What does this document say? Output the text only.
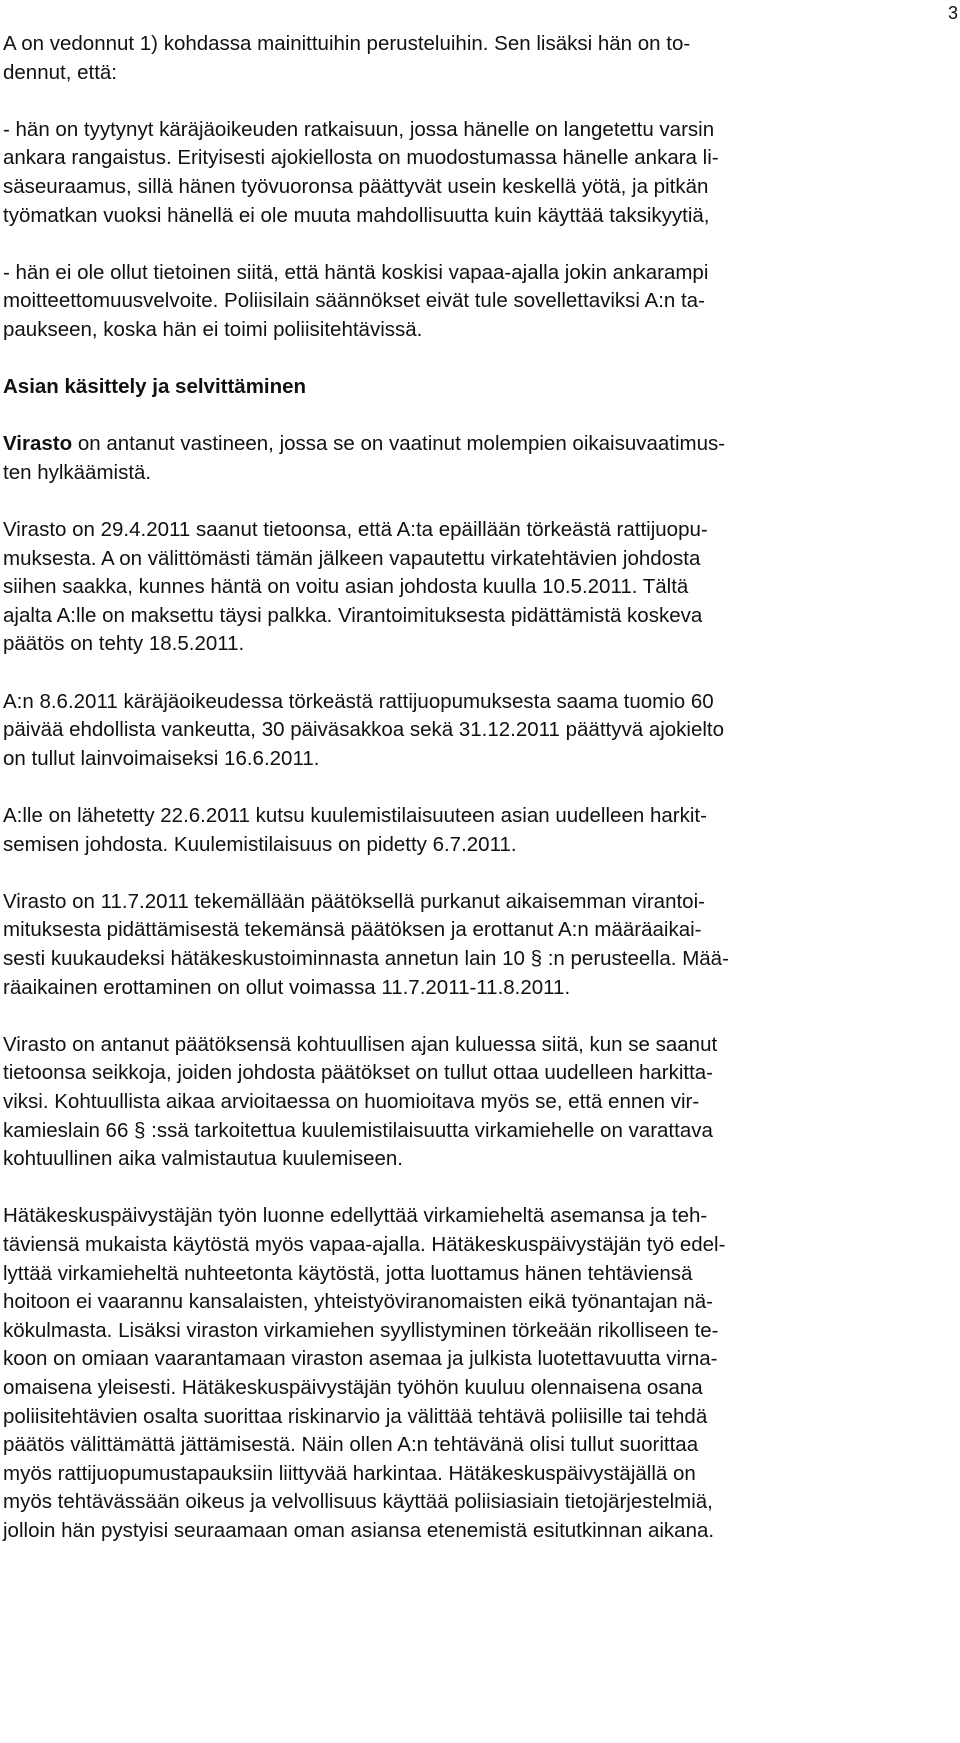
3
A on vedonnut 1) kohdassa mainittuihin perusteluihin. Sen lisäksi hän on to-
dennut, että:
- hän on tyytynyt käräjäoikeuden ratkaisuun, jossa hänelle on langetettu varsin
ankara rangaistus. Erityisesti ajokiellosta on muodostumassa hänelle ankara li-
säseuraamus, sillä hänen työvuoronsa päättyvät usein keskellä yötä, ja pitkän
työmatkan vuoksi hänellä ei ole muuta mahdollisuutta kuin käyttää taksikyytiä,
- hän ei ole ollut tietoinen siitä, että häntä koskisi vapaa-ajalla jokin ankarampi
moitteettomuusvelvoite. Poliisilain säännökset eivät tule sovellettaviksi A:n ta-
paukseen, koska hän ei toimi poliisitehtävissä.
Asian käsittely ja selvittäminen
Virasto on antanut vastineen, jossa se on vaatinut molempien oikaisuvaatimus-
ten hylkäämistä.
Virasto on 29.4.2011 saanut tietoonsa, että A:ta epäillään törkeästä rattijuopu-
muksesta. A on välittömästi tämän jälkeen vapautettu virkatehtävien johdosta
siihen saakka, kunnes häntä on voitu asian johdosta kuulla 10.5.2011. Tältä
ajalta A:lle on maksettu täysi palkka. Virantoimituksesta pidättämistä koskeva
päätös on tehty 18.5.2011.
A:n 8.6.2011 käräjäoikeudessa törkeästä rattijuopumuksesta saama tuomio 60
päivää ehdollista vankeutta, 30 päiväsakkoa sekä 31.12.2011 päättyvä ajokielto
on tullut lainvoimaiseksi 16.6.2011.
A:lle on lähetetty 22.6.2011 kutsu kuulemistilaisuuteen asian uudelleen harkit-
semisen johdosta. Kuulemistilaisuus on pidetty 6.7.2011.
Virasto on 11.7.2011 tekemällään päätöksellä purkanut aikaisemman virantoi-
mituksesta pidättämisestä tekemänsä päätöksen ja erottanut A:n määräaikai-
sesti kuukaudeksi hätäkeskustoiminnasta annetun lain 10 § :n perusteella. Mää-
räaikainen erottaminen on ollut voimassa 11.7.2011-11.8.2011.
Virasto on antanut päätöksensä kohtuullisen ajan kuluessa siitä, kun se saanut
tietoonsa seikkoja, joiden johdosta päätökset on tullut ottaa uudelleen harkitta-
viksi. Kohtuullista aikaa arvioitaessa on huomioitava myös se, että ennen vir-
kamieslain 66 § :ssä tarkoitettua kuulemistilaisuutta virkamiehelle on varattava
kohtuullinen aika valmistautua kuulemiseen.
Hätäkeskuspäivystäjän työn luonne edellyttää virkamieheltä asemansa ja teh-
täviensä mukaista käytöstä myös vapaa-ajalla. Hätäkeskuspäivystäjän työ edel-
lyttää virkamieheltä nuhteetonta käytöstä, jotta luottamus hänen tehtäviensä
hoitoon ei vaarannu kansalaisten, yhteistyöviranomaisten eikä työnantajan nä-
kökulmasta. Lisäksi viraston virkamiehen syyllistyminen törkeään rikolliseen te-
koon on omiaan vaarantamaan viraston asemaa ja julkista luotettavuutta virna-
omaisena yleisesti. Hätäkeskuspäivystäjän työhön kuuluu olennaisena osana
poliisitehtävien osalta suorittaa riskinarvio ja välittää tehtävä poliisille tai tehdä
päätös välittämättä jättämisestä. Näin ollen A:n tehtävänä olisi tullut suorittaa
myös rattijuopumustapauksiin liittyvää harkintaa. Hätäkeskuspäivystäjällä on
myös tehtävässään oikeus ja velvollisuus käyttää poliisiasiain tietojärjestelmiä,
jolloin hän pystyisi seuraamaan oman asiansa etenemistä esitutkinnan aikana.
